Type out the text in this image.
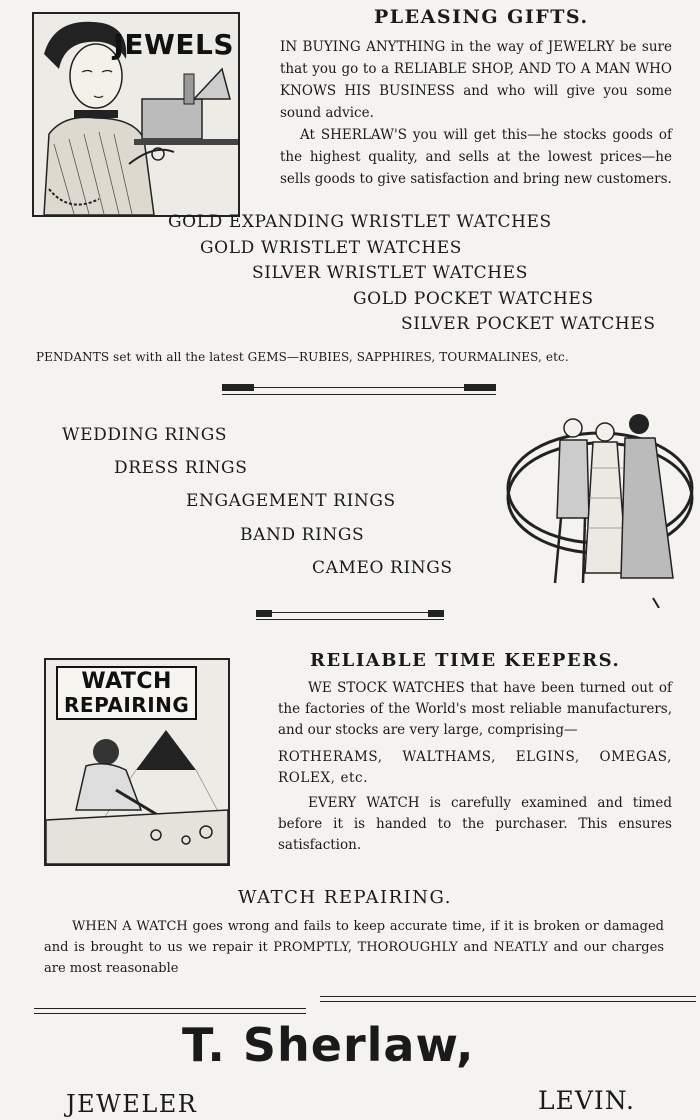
JEWELS
PLEASING GIFTS.

IN BUYING ANYTHING in the way of JEWELRY be sure that you go to a RELIABLE SHOP, AND TO A MAN WHO KNOWS HIS BUSINESS and who will give you some sound advice.

At SHERLAW'S you will get this—he stocks goods of the highest quality, and sells at the lowest prices—he sells goods to give satisfaction and bring new customers.

GOLD EXPANDING WRISTLET WATCHES
GOLD WRISTLET WATCHES
SILVER WRISTLET WATCHES
GOLD POCKET WATCHES
SILVER POCKET WATCHES
PENDANTS set with all the latest GEMS—RUBIES, SAPPHIRES, TOURMALINES, etc.
WEDDING RINGS
DRESS RINGS
ENGAGEMENT RINGS
BAND RINGS
CAMEO RINGS
WATCH
REPAIRING
RELIABLE TIME KEEPERS.

WE STOCK WATCHES that have been turned out of the factories of the World's most reliable manufacturers, and our stocks are very large, comprising—

ROTHERAMS, WALTHAMS, ELGINS, OMEGAS, ROLEX, etc.

EVERY WATCH is carefully examined and timed before it is handed to the purchaser. This ensures satisfaction.

WATCH REPAIRING.
WHEN A WATCH goes wrong and fails to keep accurate time, if it is broken or damaged and is brought to us we repair it PROMPTLY, THOROUGHLY and NEATLY and our charges are most reasonable
T. Sherlaw,
JEWELER	LEVIN.
